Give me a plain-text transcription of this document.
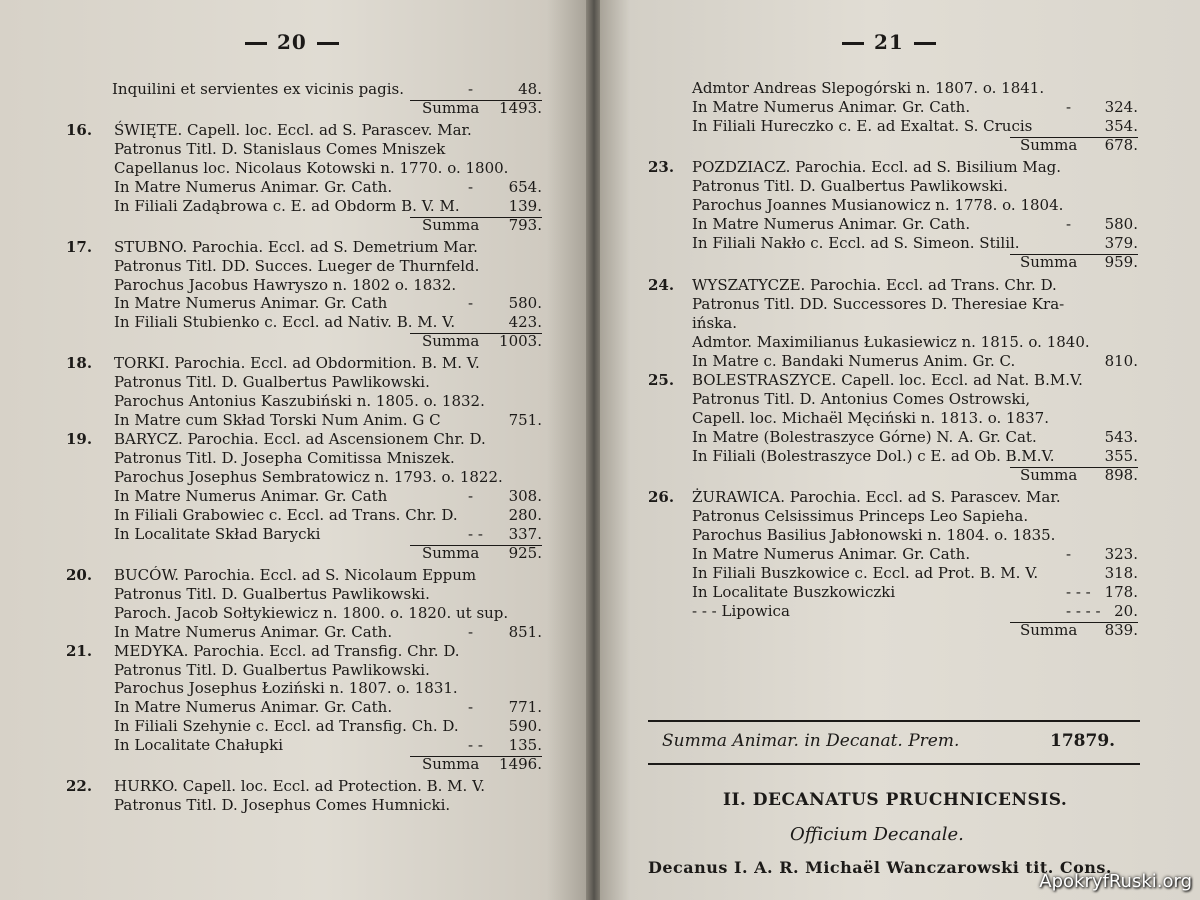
20
Inquilini et servientes ex vicinis pagis.	-	48.
Summa 1493.
16. ŚWIĘTE. Capell. loc. Eccl. ad S. Parascev. Mar.
Patronus Titl. D. Stanislaus Comes Mniszek
Capellanus loc. Nicolaus Kotowski n. 1770. o. 1800.
In Matre Numerus Animar. Gr. Cath.	- 654.
In Filiali Zadąbrowa c. E. ad Obdorm B. V. M.	139.
Summa 793.
17. STUBNO. Parochia. Eccl. ad S. Demetrium Mar.
Patronus Titl. DD. Succes. Lueger de Thurnfeld.
Parochus Jacobus Hawryszo n. 1802 o. 1832.
In Matre Numerus Animar. Gr. Cath	- 580.
In Filiali Stubienko c. Eccl. ad Nativ. B. M. V.	423.
Summa 1003.
18. TORKI. Parochia. Eccl. ad Obdormition. B. M. V.
Patronus Titl. D. Gualbertus Pawlikowski.
Parochus Antonius Kaszubiński n. 1805. o. 1832.
In Matre cum Skład Torski Num Anim. G C	751.
19. BARYCZ. Parochia. Eccl. ad Ascensionem Chr. D.
Patronus Titl. D. Josepha Comitissa Mniszek.
Parochus Josephus Sembratowicz n. 1793. o. 1822.
In Matre Numerus Animar. Gr. Cath	- 308.
In Filiali Grabowiec c. Eccl. ad Trans. Chr. D.	280.
In Localitate Skład Barycki	- - 337.
Summa 925.
20. BUCÓW. Parochia. Eccl. ad S. Nicolaum Eppum
Patronus Titl. D. Gualbertus Pawlikowski.
Paroch. Jacob Sołtykiewicz n. 1800. o. 1820. ut sup.
In Matre Numerus Animar. Gr. Cath.	- 851.
21. MEDYKA. Parochia. Eccl. ad Transfig. Chr. D.
Patronus Titl. D. Gualbertus Pawlikowski.
Parochus Josephus Łoziński n. 1807. o. 1831.
In Matre Numerus Animar. Gr. Cath.	- 771.
In Filiali Szehynie c. Eccl. ad Transfig. Ch. D.	590.
In Localitate Chałupki	- - 135.
Summa 1496.
22. HURKO. Capell. loc. Eccl. ad Protection. B. M. V.
Patronus Titl. D. Josephus Comes Humnicki.
21
Admtor Andreas Slepogórski n. 1807. o. 1841.
In Matre Numerus Animar. Gr. Cath.	- 324.
In Filiali Hureczko c. E. ad Exaltat. S. Crucis	354.
Summa 678.
23. POZDZIACZ. Parochia. Eccl. ad S. Bisilium Mag.
Patronus Titl. D. Gualbertus Pawlikowski.
Parochus Joannes Musianowicz n. 1778. o. 1804.
In Matre Numerus Animar. Gr. Cath.	- 580.
In Filiali Nakło c. Eccl. ad S. Simeon. Stilil.	379.
Summa 959.
24. WYSZATYCZE. Parochia. Eccl. ad Trans. Chr. D.
Patronus Titl. DD. Successores D. Theresiae Kra-
ińska.
Admtor. Maximilianus Łukasiewicz n. 1815. o. 1840.
In Matre c. Bandaki Numerus Anim. Gr. C.	810.
25. BOLESTRASZYCE. Capell. loc. Eccl. ad Nat. B.M.V.
Patronus Titl. D. Antonius Comes Ostrowski,
Capell. loc. Michaël Męciński n. 1813. o. 1837.
In Matre (Bolestraszyce Górne) N. A. Gr. Cat.	543.
In Filiali (Bolestraszyce Dol.) c E. ad Ob. B.M.V.	355.
Summa 898.
26. ŻURAWICA. Parochia. Eccl. ad S. Parascev. Mar.
Patronus Celsissimus Princeps Leo Sapieha.
Parochus Basilius Jabłonowski n. 1804. o. 1835.
In Matre Numerus Animar. Gr. Cath.	- 323.
In Filiali Buszkowice c. Eccl. ad Prot. B. M. V.	318.
In Localitate Buszkowiczki	- - - 178.
- - - Lipowica	- - - - 20.
Summa 839.
Summa Animar. in Decanat. Prem.	17879.
II. DECANATUS PRUCHNICENSIS.
Officium Decanale.
Decanus I. A. R. Michaël Wanczarowski tit. Cons.
ApokryfRuski.org
